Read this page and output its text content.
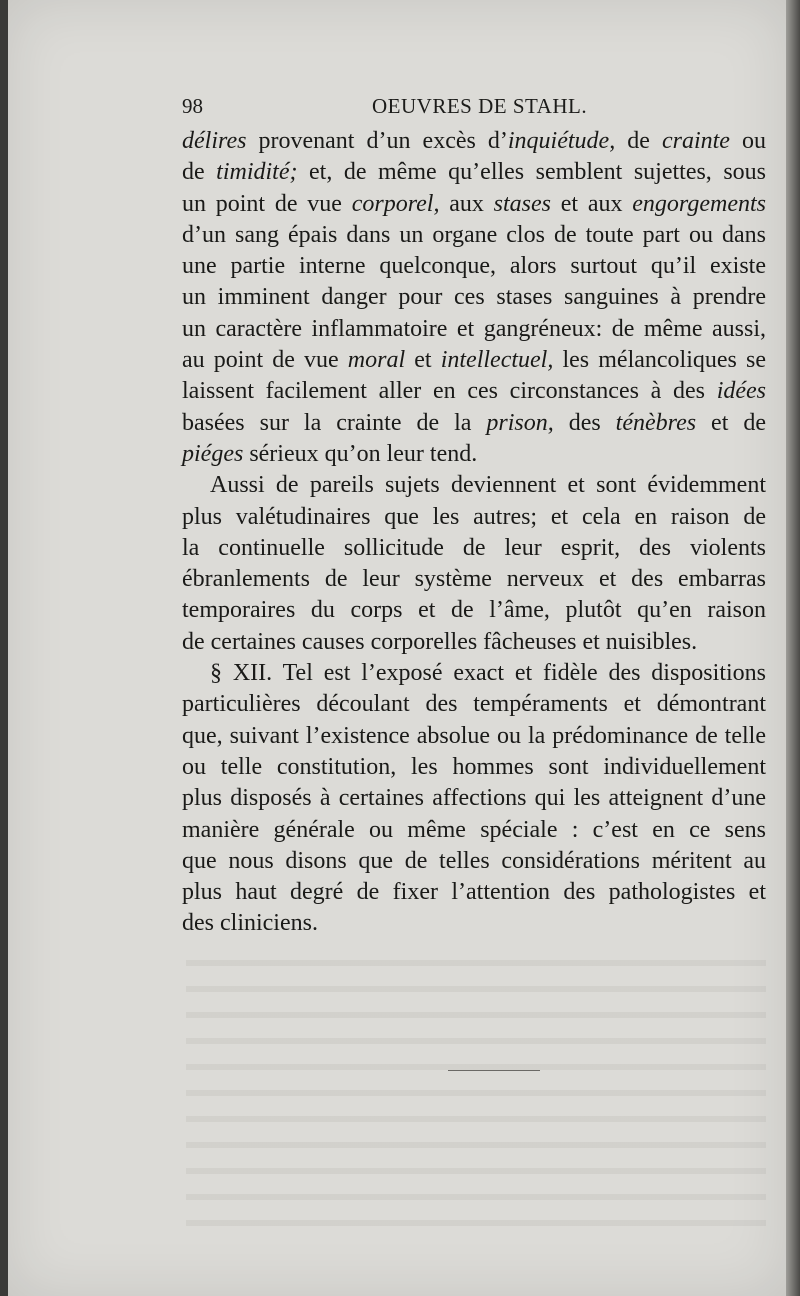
98	OEUVRES DE STAHL.
délires provenant d’un excès d’inquiétude, de crainte ou
de timidité; et, de même qu’elles semblent sujettes, sous
un point de vue corporel, aux stases et aux engorgements
d’un sang épais dans un organe clos de toute part ou dans
une partie interne quelconque, alors surtout qu’il existe
un imminent danger pour ces stases sanguines à prendre
un caractère inflammatoire et gangréneux: de même aussi,
au point de vue moral et intellectuel, les mélancoliques se
laissent facilement aller en ces circonstances à des idées
basées sur la crainte de la prison, des ténèbres et de
piéges sérieux qu’on leur tend.
Aussi de pareils sujets deviennent et sont évidemment
plus valétudinaires que les autres; et cela en raison de
la continuelle sollicitude de leur esprit, des violents
ébranlements de leur système nerveux et des embarras
temporaires du corps et de l’âme, plutôt qu’en raison
de certaines causes corporelles fâcheuses et nuisibles.
§ XII. Tel est l’exposé exact et fidèle des dispositions
particulières découlant des tempéraments et démontrant
que, suivant l’existence absolue ou la prédominance de telle
ou telle constitution, les hommes sont individuellement
plus disposés à certaines affections qui les atteignent d’une
manière générale ou même spéciale : c’est en ce sens
que nous disons que de telles considérations méritent au
plus haut degré de fixer l’attention des pathologistes et
des cliniciens.
